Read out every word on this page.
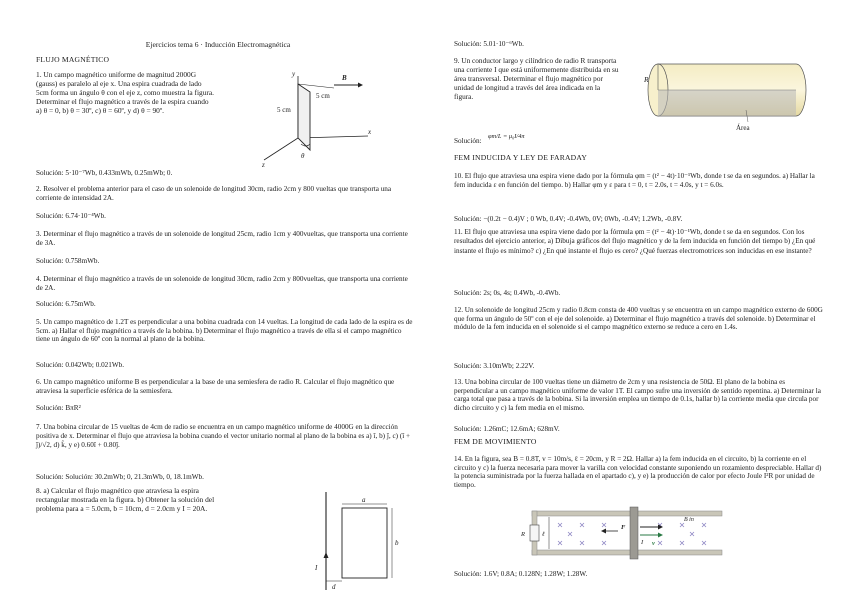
Ejercicios tema 6 · Inducción Electromagnética

FLUJO MAGNÉTICO

1. Un campo magnético uniforme de magnitud 2000G (gauss) es paralelo al eje x. Una espira cuadrada de lado 5cm forma un ángulo θ con el eje z, como muestra la figura. Determinar el flujo magnético a través de la espira cuando a) θ = 0, b) θ = 30º, c) θ = 60º, y d) θ = 90º.

y
x
z
B
5 cm
5 cm
θ

Solución: 5·10⁻⁷Wb, 0.433mWb, 0.25mWb; 0.

2. Resolver el problema anterior para el caso de un solenoide de longitud 30cm, radio 2cm y 800 vueltas que transporta una corriente de intensidad 2A.

Solución: 6.74·10⁻⁴Wb.

3. Determinar el flujo magnético a través de un solenoide de longitud 25cm, radio 1cm y 400vueltas, que transporta una corriente de 3A.

Solución: 0.758mWb.

4. Determinar el flujo magnético a través de un solenoide de longitud 30cm, radio 2cm y 800vueltas, que transporta una corriente de 2A.

Solución: 6.75mWb.

5. Un campo magnético de 1.2T es perpendicular a una bobina cuadrada con 14 vueltas. La longitud de cada lado de la espira es de 5cm. a) Hallar el flujo magnético a través de la bobina. b) Determinar el flujo magnético a través de ella si el campo magnético tiene un ángulo de 60º con la normal al plano de la bobina.

Solución: 0.042Wb; 0.021Wb.

6. Un campo magnético uniforme B es perpendicular a la base de una semiesfera de radio R. Calcular el flujo magnético que atraviesa la superficie esférica de la semiesfera.

Solución: BπR²

7. Una bobina circular de 15 vueltas de 4cm de radio se encuentra en un campo magnético uniforme de 4000G en la dirección positiva de x. Determinar el flujo que atraviesa la bobina cuando el vector unitario normal al plano de la bobina es a) î, b) ĵ, c) (î + ĵ)/√2, d) k̂, y e) 0.60î + 0.80ĵ.

Solución: Solución: 30.2mWb; 0, 21.3mWb, 0, 18.1mWb.

8. a) Calcular el flujo magnético que atraviesa la espira rectangular mostrada en la figura. b) Obtener la solución del problema para a = 5.0cm, b = 10cm, d = 2.0cm y I = 20A.

a
b
d
I

Solución: 5.01·10⁻⁶Wb.

9. Un conductor largo y cilíndrico de radio R transporta una corriente I que está uniformemente distribuida en su área transversal. Determinar el flujo magnético por unidad de longitud a través del área indicada en la figura.

R
Área
Solución:
φm/L = μ₀I/4π

FEM INDUCIDA Y LEY DE FARADAY

10. El flujo que atraviesa una espira viene dado por la fórmula φm = (t² − 4t)·10⁻¹Wb, donde t se da en segundos. a) Hallar la fem inducida ε en función del tiempo. b) Hallar φm y ε para t = 0, t = 2.0s, t = 4.0s, y t = 6.0s.

Solución: −(0.2t − 0.4)V ; 0 Wb, 0.4V; -0.4Wb, 0V; 0Wb, -0.4V; 1.2Wb, -0.8V.

11. El flujo que atraviesa una espira viene dado por la fórmula φm = (t² − 4t)·10⁻¹Wb, donde t se da en segundos. Con los resultados del ejercicio anterior, a) Dibuja gráficos del flujo magnético y de la fem inducida en función del tiempo b) ¿En qué instante el flujo es mínimo? c) ¿En qué instante el flujo es cero? ¿Qué fuerzas electromotrices son inducidas en ese instante?

Solución: 2s; 0s, 4s; 0.4Wb, -0.4Wb.

12. Un solenoide de longitud 25cm y radio 0.8cm consta de 400 vueltas y se encuentra en un campo magnético externo de 600G que forma un ángulo de 50º con el eje del solenoide. a) Determinar el flujo magnético a través del solenoide. b) Determinar el módulo de la fem inducida en el solenoide si el campo magnético externo se reduce a cero en 1.4s.

Solución: 3.10mWb; 2.22V.

13. Una bobina circular de 100 vueltas tiene un diámetro de 2cm y una resistencia de 50Ω. El plano de la bobina es perpendicular a un campo magnético uniforme de valor 1T. El campo sufre una inversión de sentido repentina. a) Determinar la carga total que pasa a través de la bobina. Si la inversión emplea un tiempo de 0.1s, hallar b) la corriente media que circula por dicho circuito y c) la fem media en el mismo.

Solución: 1.26mC; 12.6mA; 628mV.

FEM DE MOVIMIENTO

14. En la figura, sea B = 0.8T, v = 10m/s, ℓ = 20cm, y R = 2Ω. Hallar a) la fem inducida en el circuito, b) la corriente en el circuito y c) la fuerza necesaria para mover la varilla con velocidad constante suponiendo un rozamiento despreciable. Hallar d) la potencia suministrada por la fuerza hallada en el apartado c), y e) la producción de calor por efecto Joule I²R por unidad de tiempo.

R	ℓ
F
v
I
B in

Solución: 1.6V; 0.8A; 0.128N; 1.28W; 1.28W.
